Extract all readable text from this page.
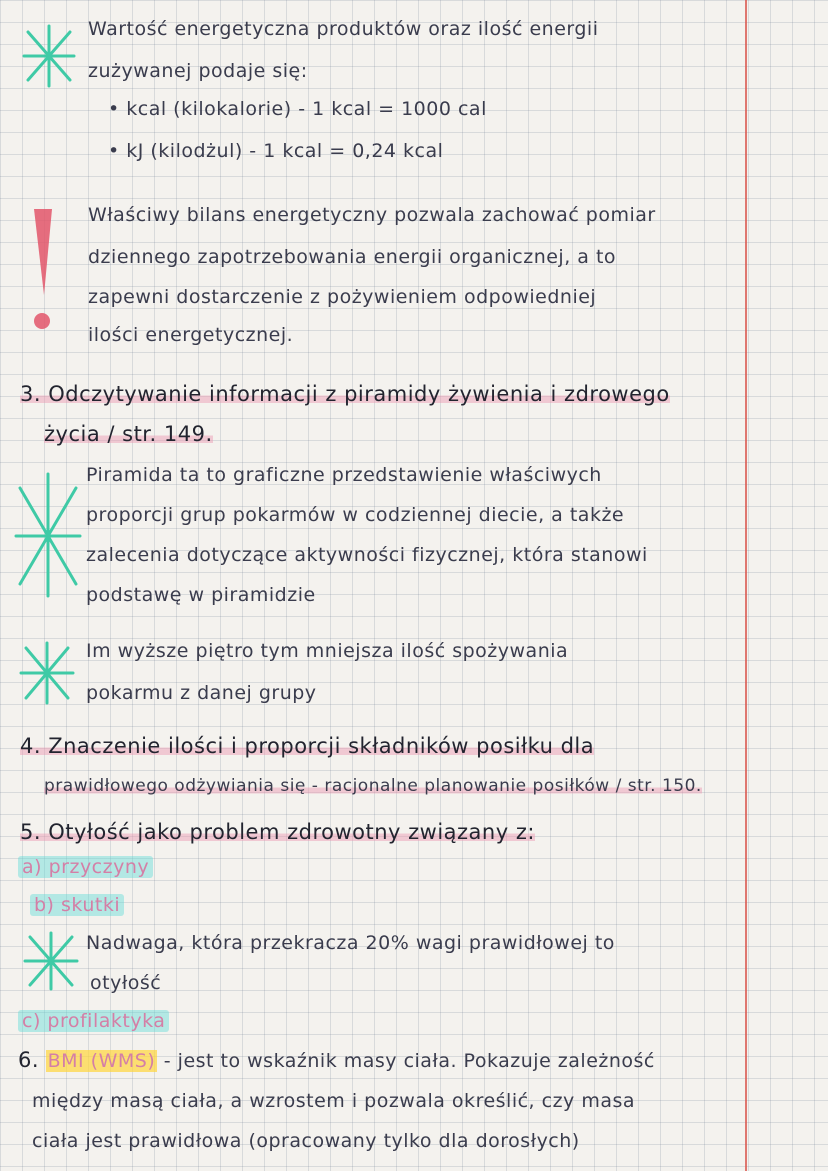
Wartość energetyczna produktów oraz ilość energii
zużywanej podaje się:
• kcal (kilokalorie) - 1 kcal = 1000 cal
• kJ (kilodżul) - 1 kcal = 0,24 kcal
Właściwy bilans energetyczny pozwala zachować pomiar
dziennego zapotrzebowania energii organicznej, a to
zapewni dostarczenie z pożywieniem odpowiedniej
ilości energetycznej.
3. Odczytywanie informacji z piramidy żywienia i zdrowego
życia / str. 149.
Piramida ta to graficzne przedstawienie właściwych
proporcji grup pokarmów w codziennej diecie, a także
zalecenia dotyczące aktywności fizycznej, która stanowi
podstawę w piramidzie
Im wyższe piętro tym mniejsza ilość spożywania
pokarmu z danej grupy
4. Znaczenie ilości i proporcji składników posiłku dla
prawidłowego odżywiania się - racjonalne planowanie posiłków / str. 150.
5. Otyłość jako problem zdrowotny związany z:
a) przyczyny
b) skutki
Nadwaga, która przekracza 20% wagi prawidłowej to
otyłość
c) profilaktyka
6. BMI (WMS) - jest to wskaźnik masy ciała. Pokazuje zależność
między masą ciała, a wzrostem i pozwala określić, czy masa
ciała jest prawidłowa (opracowany tylko dla dorosłych)
